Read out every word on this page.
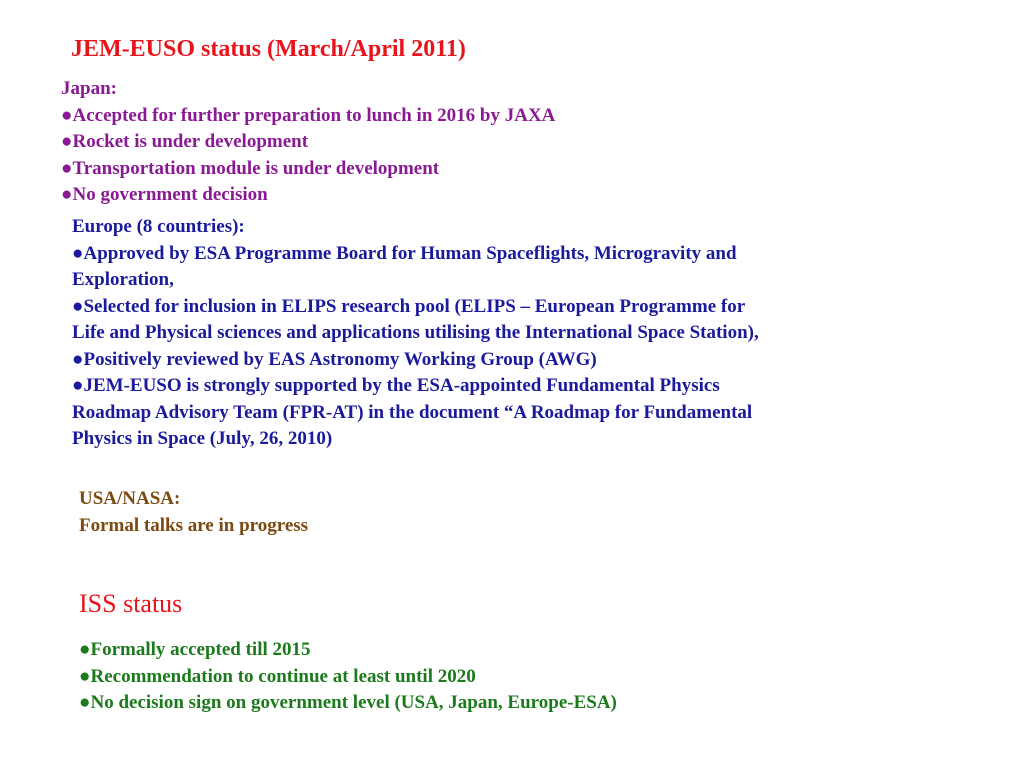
JEM-EUSO status (March/April 2011)
Japan:
●Accepted for further preparation to lunch in 2016 by JAXA
●Rocket is under development
●Transportation module is under development
●No government decision
Europe (8 countries):
●Approved by ESA Programme Board for Human Spaceflights, Microgravity and
Exploration,
●Selected for inclusion in ELIPS research pool (ELIPS – European Programme for
Life and Physical sciences and applications utilising the International Space Station),
●Positively reviewed by EAS Astronomy Working Group (AWG)
●JEM-EUSO is strongly supported by the ESA-appointed Fundamental Physics
Roadmap Advisory Team (FPR-AT) in the document “A Roadmap for Fundamental
Physics in Space (July, 26, 2010)
USA/NASA:
Formal talks are in progress
ISS status
●Formally accepted till 2015
●Recommendation to continue at least until 2020
●No decision sign on government level (USA, Japan, Europe-ESA)
